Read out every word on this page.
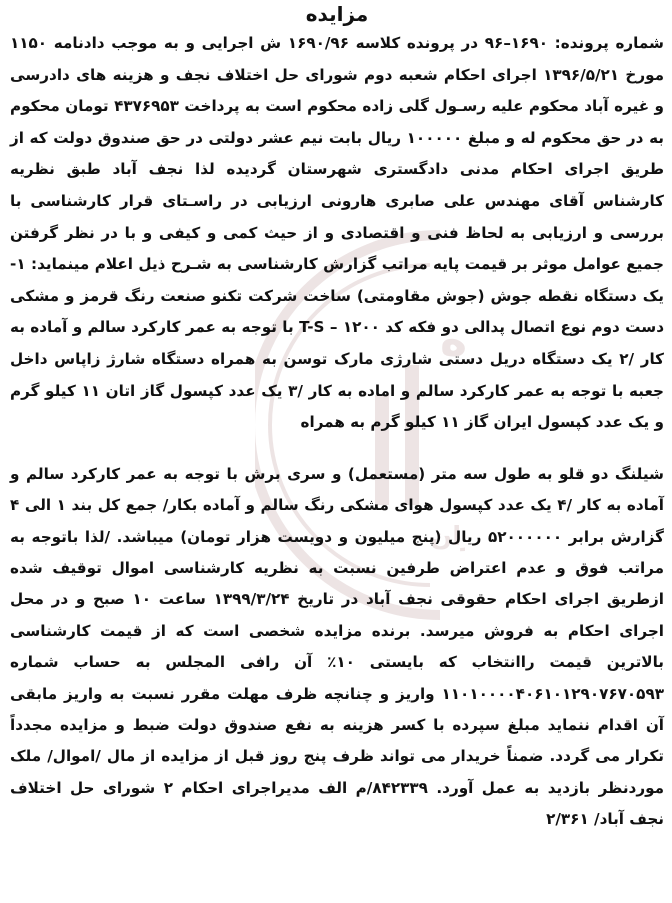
مزایده

شماره پرونده: ۱۶۹۰–۹۶ در پرونده کلاسه ۱۶۹۰/۹۶ ش اجرایی و به موجب دادنامه ۱۱۵۰ مورخ ۱۳۹۶/۵/۲۱ اجرای احکام شعبه دوم شورای حل اختلاف نجف و هزینه های دادرسی و غیره آباد محکوم علیه رسـول گلی زاده محکوم است به پرداخت ۴۳۷۶۹۵۳ تومان محکوم به در حق محکوم له و مبلغ ۱۰۰۰۰۰ ریال بابت نیم عشر دولتی در حق صندوق دولت که از طریق اجرای احکام مدنی دادگستری شهرستان گردیده لذا نجف آباد طبق نظریه کارشناس آقای مهندس علی صابری هارونی ارزیابی در راسـتای قرار کارشناسی با بررسی و ارزیابی به لحاظ فنی و اقتصادی و از حیث کمی و کیفی و با در نظر گرفتن جمیع عوامل موثر بر قیمت پایه مراتب گزارش کارشناسی به شـرح ذیل اعلام مینماید: ۱- یک دستگاه نقطه جوش (جوش مقاومتی) ساخت شرکت تکنو صنعت رنگ قرمز و مشکی دست دوم نوع اتصال پدالی دو فکه کد ۱۲۰۰ – T-S با توجه به عمر کارکرد سالم و آماده به کار /۲ یک دستگاه دریل دستی شارژی مارک توسن به همراه دستگاه شارژ زاپاس داخل جعبه با توجه به عمر کارکرد سالم و اماده به کار /۳ یک عدد کپسول گاز اتان ۱۱ کیلو گرم و یک عدد کپسول ایران گاز ۱۱ کیلو گرم به همراه

شیلنگ دو قلو به طول سه متر (مستعمل) و سری برش با توجه به عمر کارکرد سالم و آماده به کار /۴ یک عدد کپسول هوای مشکی رنگ سالم و آماده بکار/ جمع کل بند ۱ الی ۴ گزارش برابر ۵۲۰۰۰۰۰۰ ریال (پنج میلیون و دویست هزار تومان) میباشد. /لذا باتوجه به مراتب فوق و عدم اعتراض طرفین نسبت به نظریه کارشناسی اموال توقیف شده ازطریق اجرای احکام حقوقی نجف آباد در تاریخ ۱۳۹۹/۳/۲۴ ساعت ۱۰ صبح و در محل اجرای احکام به فروش میرسد. برنده مزایده شخصی است که از قیمت کارشناسی بالاترین قیمت راانتخاب که بایستی ۱۰٪ آن رافی المجلس به حساب شماره ۱۱۰۱۰۰۰۰۴۰۶۱۰۱۲۹۰۷۶۷۰۵۹۳ واریز و چنانچه ظرف مهلت مقرر نسبت به واریز مابقی آن اقدام ننماید مبلغ سپرده با کسر هزینه به نفع صندوق دولت ضبط و مزایده مجدداً تکرار می گردد. ضمناً خریدار می تواند ظرف پنج روز قبل از مزایده از مال /اموال/ ملک موردنظر بازدید به عمل آورد. ۸۴۲۳۳۹/م الف مدیراجرای احکام ۲ شورای حل اختلاف نجف آباد/ ۲/۳۶۱

ه
ان
